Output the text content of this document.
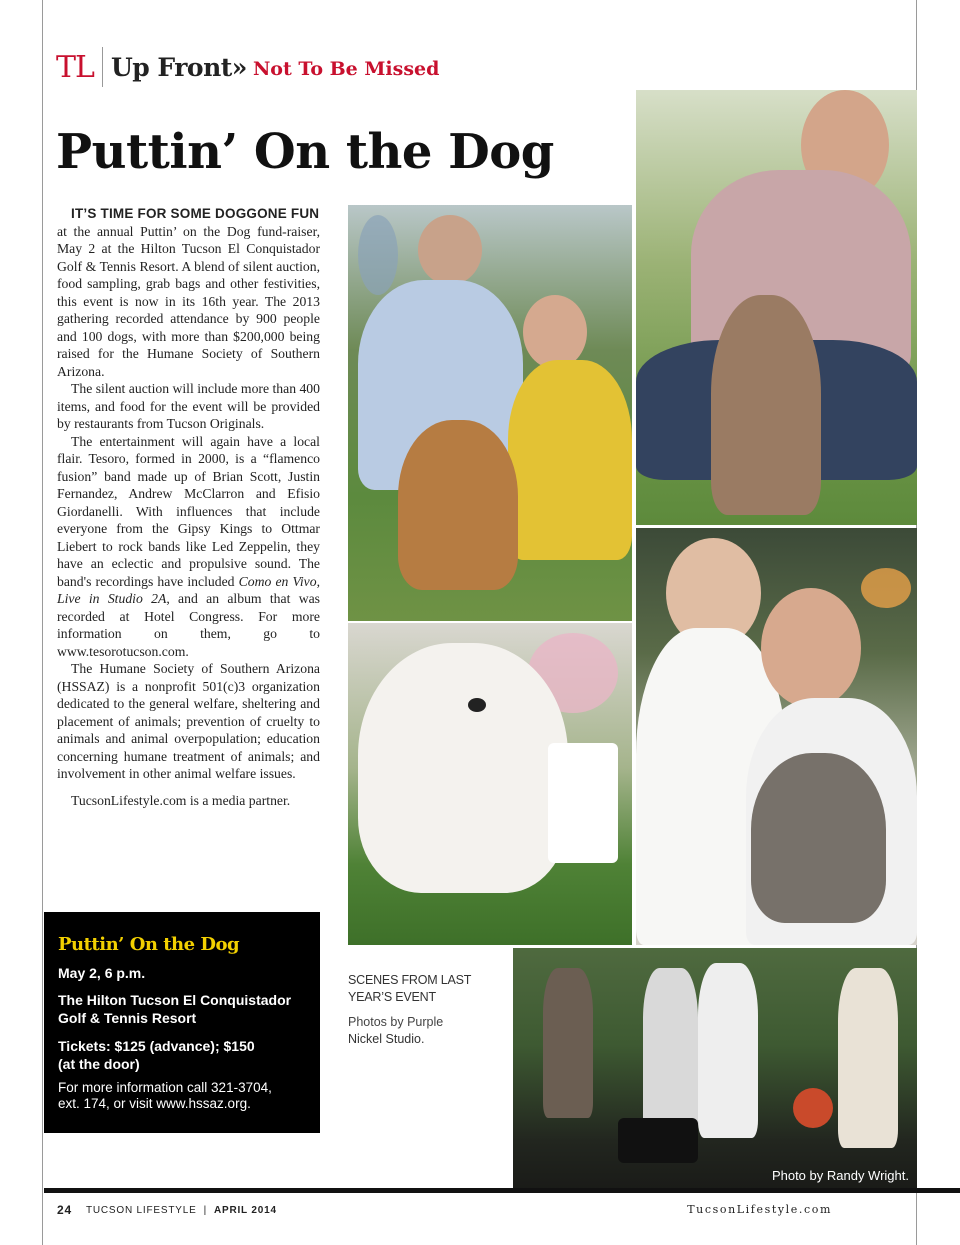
TL Up Front» Not To Be Missed
Puttin’ On the Dog
IT’S TIME FOR SOME DOGGONE FUN

at the annual Puttin’ on the Dog fund-raiser, May 2 at the Hilton Tucson El Conquistador Golf & Tennis Resort. A blend of silent auction, food sampling, grab bags and other festivities, this event is now in its 16th year. The 2013 gathering recorded attendance by 900 people and 100 dogs, with more than $200,000 being raised for the Humane Society of Southern Arizona.

The silent auction will include more than 400 items, and food for the event will be provided by restaurants from Tucson Originals.

The entertainment will again have a local flair. Tesoro, formed in 2000, is a “flamenco fusion” band made up of Brian Scott, Justin Fernandez, Andrew McClarron and Efisio Giordanelli. With influences that include everyone from the Gipsy Kings to Ottmar Liebert to rock bands like Led Zeppelin, they have an eclectic and propulsive sound. The band's recordings have included Como en Vivo, Live in Studio 2A, and an album that was recorded at Hotel Congress. For more information on them, go to www.tesorotucson.com.

The Humane Society of Southern Arizona (HSSAZ) is a nonprofit 501(c)3 organization dedicated to the general welfare, sheltering and placement of animals; prevention of cruelty to animals and animal overpopulation; education concerning humane treatment of animals; and involvement in other animal welfare issues.

TucsonLifestyle.com is a media partner.

Puttin’ On the Dog
May 2, 6 p.m.
The Hilton Tucson El Conquistador
Golf & Tennis Resort
Tickets: $125 (advance); $150
(at the door)
For more information call 321-3704,
ext. 174, or visit www.hssaz.org.
Photo by Randy Wright.
SCENES FROM LAST
YEAR’S EVENT
Photos by Purple
Nickel Studio.
24 TUCSON LIFESTYLE | APRIL 2014	TucsonLifestyle.com
